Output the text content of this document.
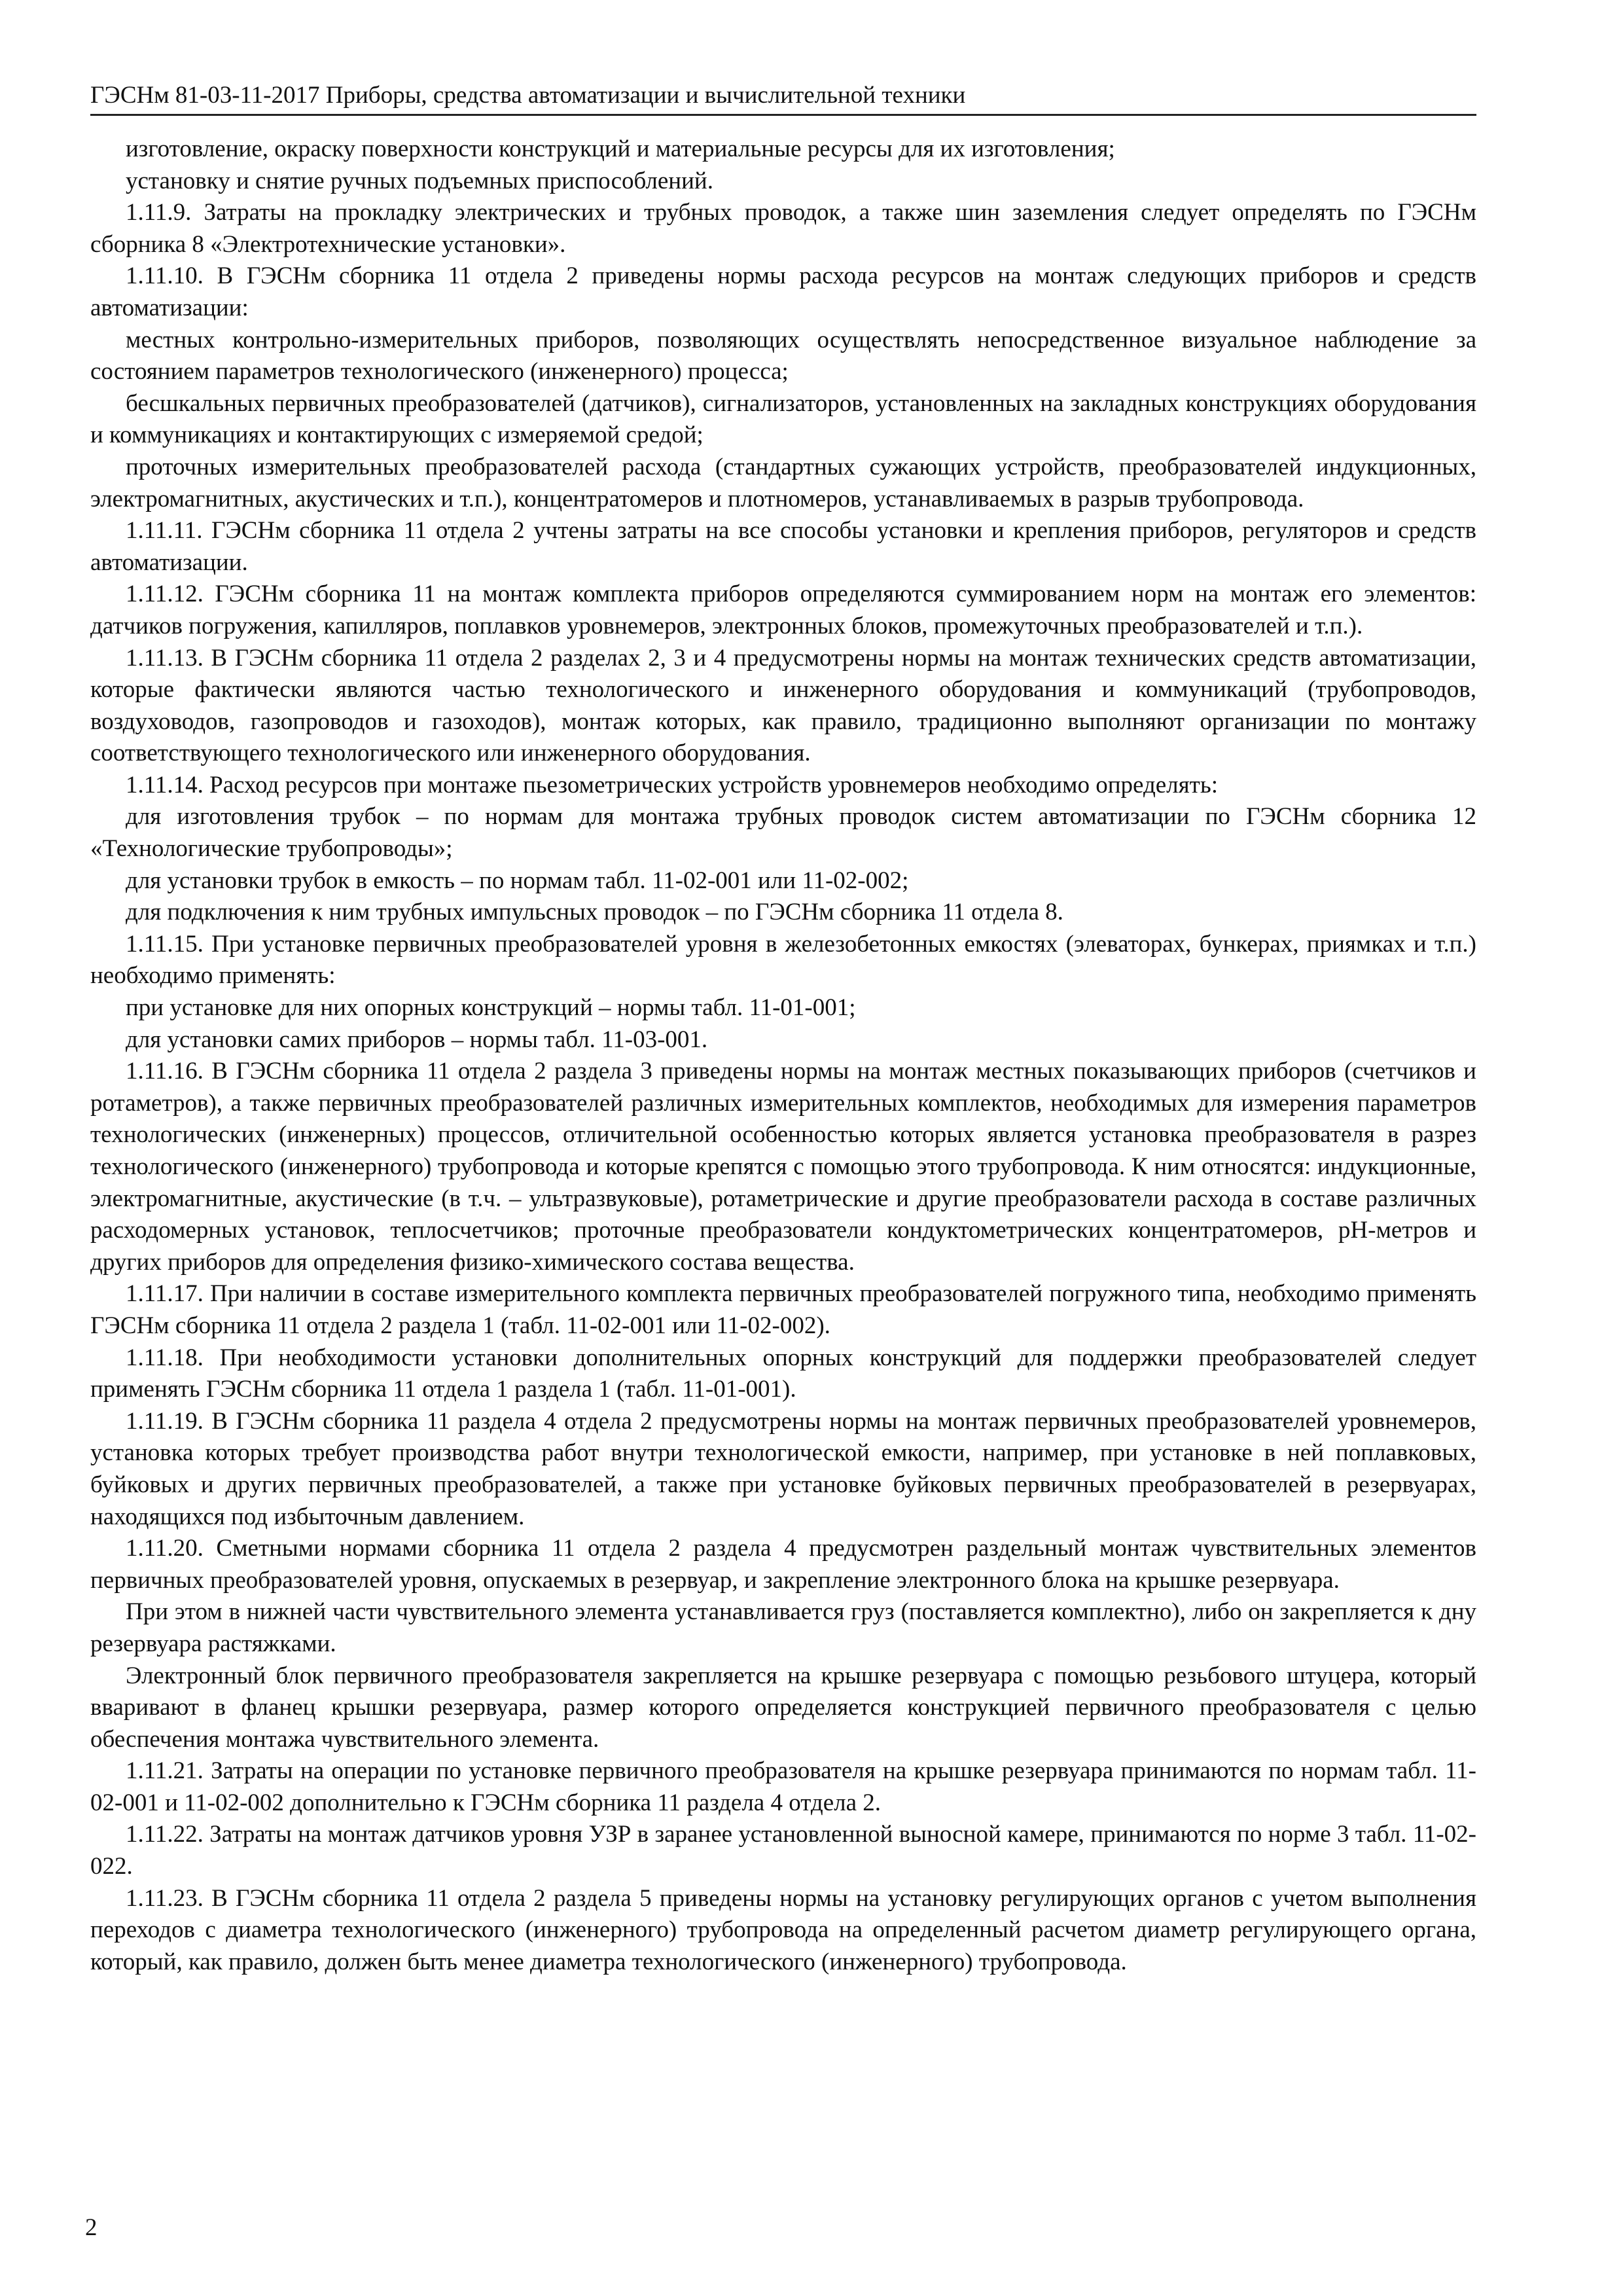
ГЭСНм 81-03-11-2017 Приборы, средства автоматизации и вычислительной техники

изготовление, окраску поверхности конструкций и материальные ресурсы для их изготовления;

установку и снятие ручных подъемных приспособлений.

1.11.9. Затраты на прокладку электрических и трубных проводок, а также шин заземления следует определять по ГЭСНм сборника 8 «Электротехнические установки».

1.11.10. В ГЭСНм сборника 11 отдела 2 приведены нормы расхода ресурсов на монтаж следующих приборов и средств автоматизации:

местных контрольно-измерительных приборов, позволяющих осуществлять непосредственное визуальное наблюдение за состоянием параметров технологического (инженерного) процесса;

бесшкальных первичных преобразователей (датчиков), сигнализаторов, установленных на закладных конструкциях оборудования и коммуникациях и контактирующих с измеряемой средой;

проточных измерительных преобразователей расхода (стандартных сужающих устройств, преобразователей индукционных, электромагнитных, акустических и т.п.), концентратомеров и плотномеров, устанавливаемых в разрыв трубопровода.

1.11.11. ГЭСНм сборника 11 отдела 2 учтены затраты на все способы установки и крепления приборов, регуляторов и средств автоматизации.

1.11.12. ГЭСНм сборника 11 на монтаж комплекта приборов определяются суммированием норм на монтаж его элементов: датчиков погружения, капилляров, поплавков уровнемеров, электронных блоков, промежуточных преобразователей и т.п.).

1.11.13. В ГЭСНм сборника 11 отдела 2 разделах 2, 3 и 4 предусмотрены нормы на монтаж технических средств автоматизации, которые фактически являются частью технологического и инженерного оборудования и коммуникаций (трубопроводов, воздуховодов, газопроводов и газоходов), монтаж которых, как правило, традиционно выполняют организации по монтажу соответствующего технологического или инженерного оборудования.

1.11.14. Расход ресурсов при монтаже пьезометрических устройств уровнемеров необходимо определять:

для изготовления трубок – по нормам для монтажа трубных проводок систем автоматизации по ГЭСНм сборника 12 «Технологические трубопроводы»;

для установки трубок в емкость – по нормам табл. 11-02-001 или 11-02-002;

для подключения к ним трубных импульсных проводок – по ГЭСНм сборника 11 отдела 8.

1.11.15. При установке первичных преобразователей уровня в железобетонных емкостях (элеваторах, бункерах, приямках и т.п.) необходимо применять:

при установке для них опорных конструкций – нормы табл. 11-01-001;

для установки самих приборов – нормы табл. 11-03-001.

1.11.16. В ГЭСНм сборника 11 отдела 2 раздела 3 приведены нормы на монтаж местных показывающих приборов (счетчиков и ротаметров), а также первичных преобразователей различных измерительных комплектов, необходимых для измерения параметров технологических (инженерных) процессов, отличительной особенностью которых является установка преобразователя в разрез технологического (инженерного) трубопровода и которые крепятся с помощью этого трубопровода. К ним относятся: индукционные, электромагнитные, акустические (в т.ч. – ультразвуковые), ротаметрические и другие преобразователи расхода в составе различных расходомерных установок, теплосчетчиков; проточные преобразователи кондуктометрических концентратомеров, pH-метров и других приборов для определения физико-химического состава вещества.

1.11.17. При наличии в составе измерительного комплекта первичных преобразователей погружного типа, необходимо применять ГЭСНм сборника 11 отдела 2 раздела 1 (табл. 11-02-001 или 11-02-002).

1.11.18. При необходимости установки дополнительных опорных конструкций для поддержки преобразователей следует применять ГЭСНм сборника 11 отдела 1 раздела 1 (табл. 11-01-001).

1.11.19. В ГЭСНм сборника 11 раздела 4 отдела 2 предусмотрены нормы на монтаж первичных преобразователей уровнемеров, установка которых требует производства работ внутри технологической емкости, например, при установке в ней поплавковых, буйковых и других первичных преобразователей, а также при установке буйковых первичных преобразователей в резервуарах, находящихся под избыточным давлением.

1.11.20. Сметными нормами сборника 11 отдела 2 раздела 4 предусмотрен раздельный монтаж чувствительных элементов первичных преобразователей уровня, опускаемых в резервуар, и закрепление электронного блока на крышке резервуара.

При этом в нижней части чувствительного элемента устанавливается груз (поставляется комплектно), либо он закрепляется к дну резервуара растяжками.

Электронный блок первичного преобразователя закрепляется на крышке резервуара с помощью резьбового штуцера, который вваривают в фланец крышки резервуара, размер которого определяется конструкцией первичного преобразователя с целью обеспечения монтажа чувствительного элемента.

1.11.21. Затраты на операции по установке первичного преобразователя на крышке резервуара принимаются по нормам табл. 11-02-001 и 11-02-002 дополнительно к ГЭСНм сборника 11 раздела 4 отдела 2.

1.11.22. Затраты на монтаж датчиков уровня УЗР в заранее установленной выносной камере, принимаются по норме 3 табл. 11-02-022.

1.11.23. В ГЭСНм сборника 11 отдела 2 раздела 5 приведены нормы на установку регулирующих органов с учетом выполнения переходов с диаметра технологического (инженерного) трубопровода на определенный расчетом диаметр регулирующего органа, который, как правило, должен быть менее диаметра технологического (инженерного) трубопровода.

2
